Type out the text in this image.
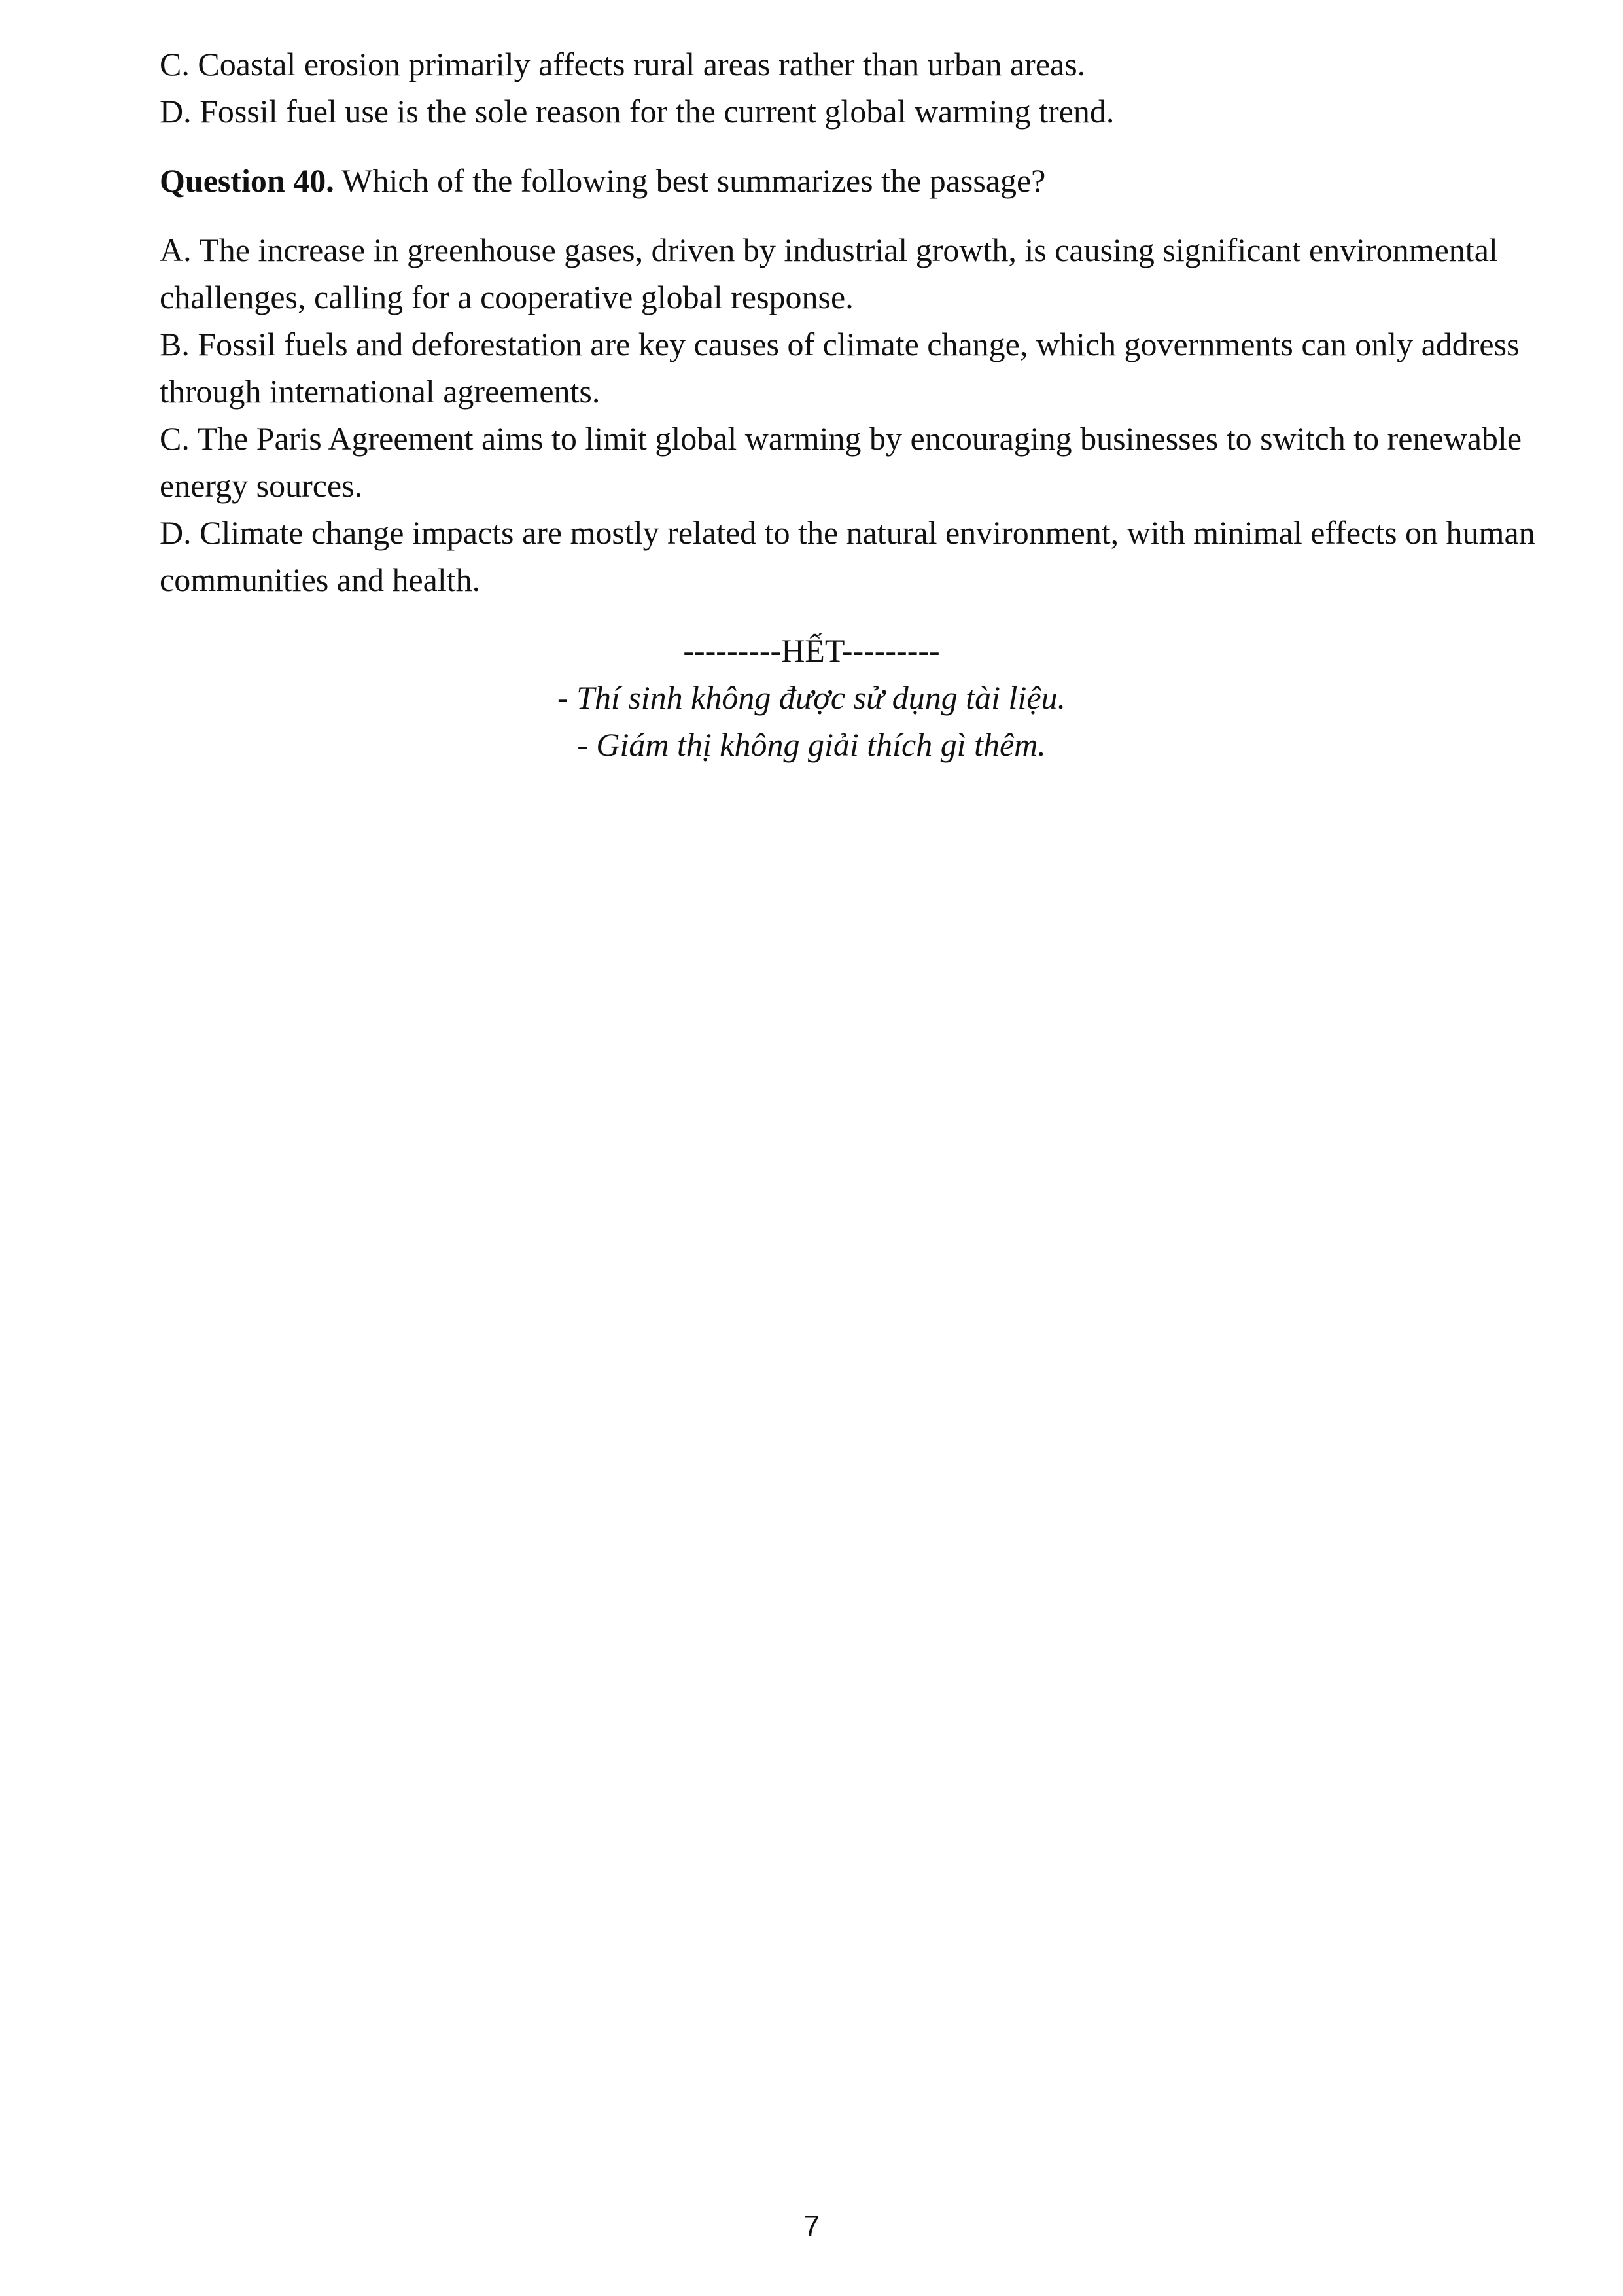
C. Coastal erosion primarily affects rural areas rather than urban areas.

D. Fossil fuel use is the sole reason for the current global warming trend.

Question 40. Which of the following best summarizes the passage?

A. The increase in greenhouse gases, driven by industrial growth, is causing significant environmental challenges, calling for a cooperative global response.

B. Fossil fuels and deforestation are key causes of climate change, which governments can only address through international agreements.

C. The Paris Agreement aims to limit global warming by encouraging businesses to switch to renewable energy sources.

D. Climate change impacts are mostly related to the natural environment, with minimal effects on human communities and health.

---------HẾT---------
- Thí sinh không được sử dụng tài liệu.
- Giám thị không giải thích gì thêm.
7
